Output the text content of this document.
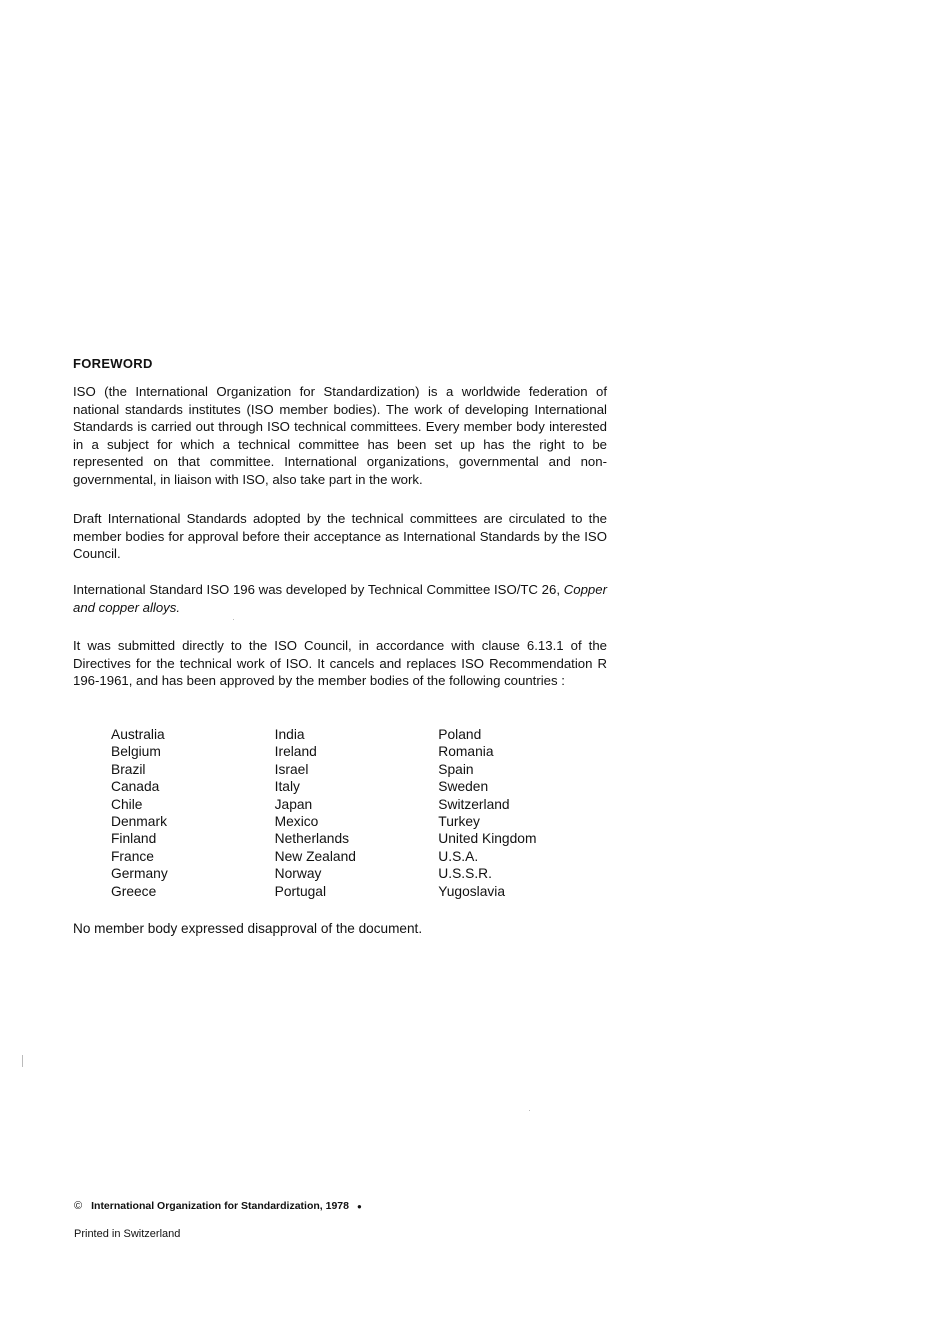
FOREWORD

ISO (the International Organization for Standardization) is a worldwide federation of national standards institutes (ISO member bodies). The work of developing International Standards is carried out through ISO technical committees. Every member body interested in a subject for which a technical committee has been set up has the right to be represented on that committee. International organizations, governmental and non-governmental, in liaison with ISO, also take part in the work.

Draft International Standards adopted by the technical committees are circulated to the member bodies for approval before their acceptance as International Standards by the ISO Council.

International Standard ISO 196 was developed by Technical Committee ISO/TC 26, Copper and copper alloys.

It was submitted directly to the ISO Council, in accordance with clause 6.13.1 of the Directives for the technical work of ISO. It cancels and replaces ISO Recommendation R 196-1961, and has been approved by the member bodies of the following countries :

Australia
Belgium
Brazil
Canada
Chile
Denmark
Finland
France
Germany
Greece
India
Ireland
Israel
Italy
Japan
Mexico
Netherlands
New Zealand
Norway
Portugal
Poland
Romania
Spain
Sweden
Switzerland
Turkey
United Kingdom
U.S.A.
U.S.S.R.
Yugoslavia
No member body expressed disapproval of the document.
© International Organization for Standardization, 1978 ●
Printed in Switzerland
